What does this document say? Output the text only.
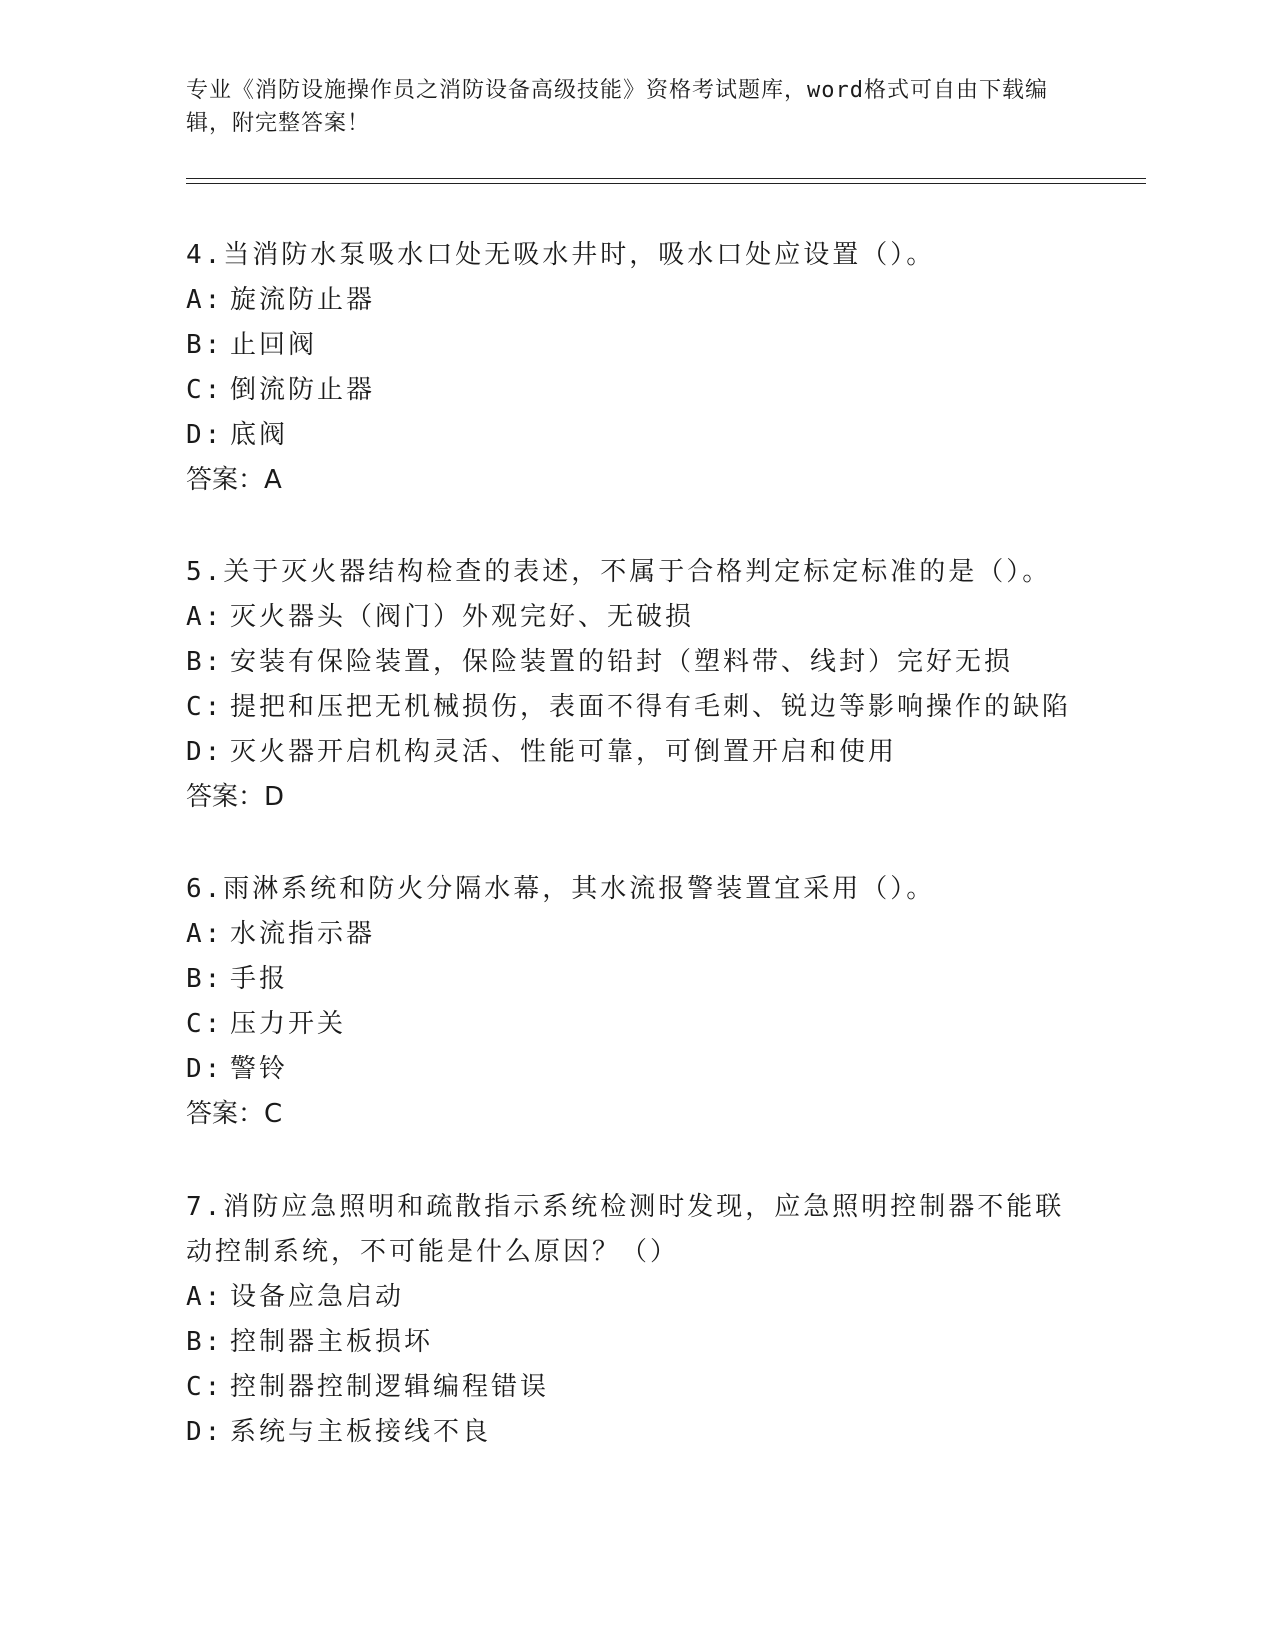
专业《消防设施操作员之消防设备高级技能》资格考试题库，word格式可自由下载编辑，附完整答案！

4.当消防水泵吸水口处无吸水井时，吸水口处应设置（）。

A: 旋流防止器

B: 止回阀

C: 倒流防止器

D: 底阀

答案：A

5.关于灭火器结构检查的表述，不属于合格判定标定标准的是（）。

A: 灭火器头（阀门）外观完好、无破损

B: 安装有保险装置，保险装置的铅封（塑料带、线封）完好无损

C: 提把和压把无机械损伤，表面不得有毛刺、锐边等影响操作的缺陷

D: 灭火器开启机构灵活、性能可靠，可倒置开启和使用

答案：D

6.雨淋系统和防火分隔水幕，其水流报警装置宜采用（）。

A: 水流指示器

B: 手报

C: 压力开关

D: 警铃

答案：C

7.消防应急照明和疏散指示系统检测时发现，应急照明控制器不能联动控制系统，不可能是什么原因？（）

A: 设备应急启动

B: 控制器主板损坏

C: 控制器控制逻辑编程错误

D: 系统与主板接线不良
